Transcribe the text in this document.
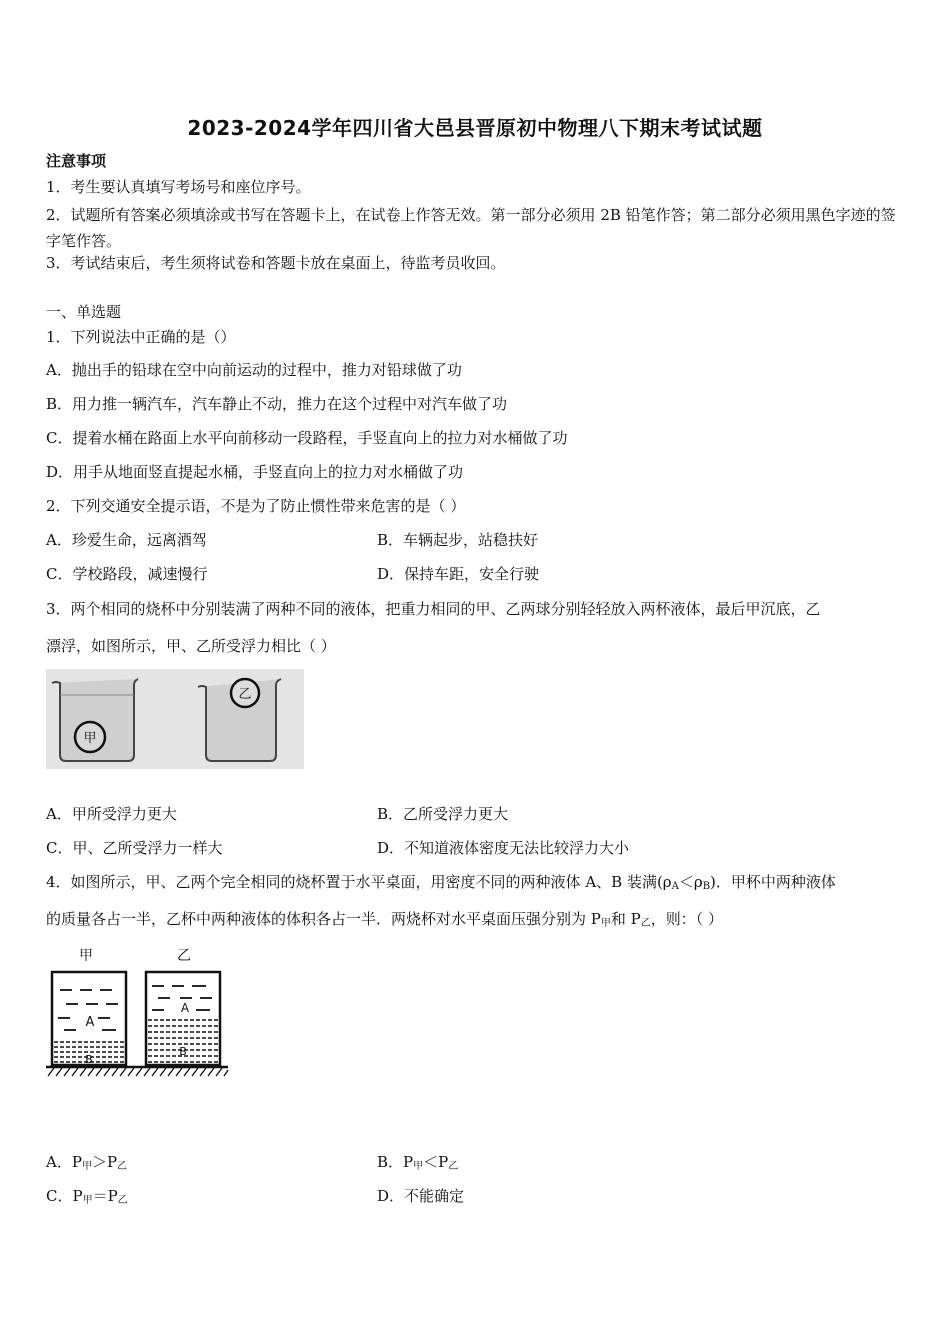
2023-2024学年四川省大邑县晋原初中物理八下期末考试试题
注意事项
1．考生要认真填写考场号和座位序号。
2．试题所有答案必须填涂或书写在答题卡上，在试卷上作答无效。第一部分必须用 2B 铅笔作答；第二部分必须用黑色字迹的签字笔作答。
3．考试结束后，考生须将试卷和答题卡放在桌面上，待监考员收回。
一、单选题
1．下列说法中正确的是（）
A．抛出手的铅球在空中向前运动的过程中，推力对铅球做了功
B．用力推一辆汽车，汽车静止不动，推力在这个过程中对汽车做了功
C．提着水桶在路面上水平向前移动一段路程，手竖直向上的拉力对水桶做了功
D．用手从地面竖直提起水桶，手竖直向上的拉力对水桶做了功
2．下列交通安全提示语，不是为了防止惯性带来危害的是（ ）
A．珍爱生命，远离酒驾	B．车辆起步，站稳扶好
C．学校路段，减速慢行	D．保持车距，安全行驶
3．两个相同的烧杯中分别装满了两种不同的液体，把重力相同的甲、乙两球分别轻轻放入两杯液体，最后甲沉底，乙
漂浮，如图所示，甲、乙所受浮力相比（ ）
甲
乙
A．甲所受浮力更大	B．乙所受浮力更大
C．甲、乙所受浮力一样大	D．不知道液体密度无法比较浮力大小
4．如图所示，甲、乙两个完全相同的烧杯置于水平桌面，用密度不同的两种液体 A、B 装满$(\rho_A<\rho_B)$．甲杯中两种液体
的质量各占一半，乙杯中两种液体的体积各占一半．两烧杯对水平桌面压强分别为 $P_甲$和 $P_乙$，则：（ ）
甲	乙
A
B
A
B
A．$P_甲>P_乙$	B．$P_甲<P_乙$
C．$P_甲=P_乙$	D．不能确定
